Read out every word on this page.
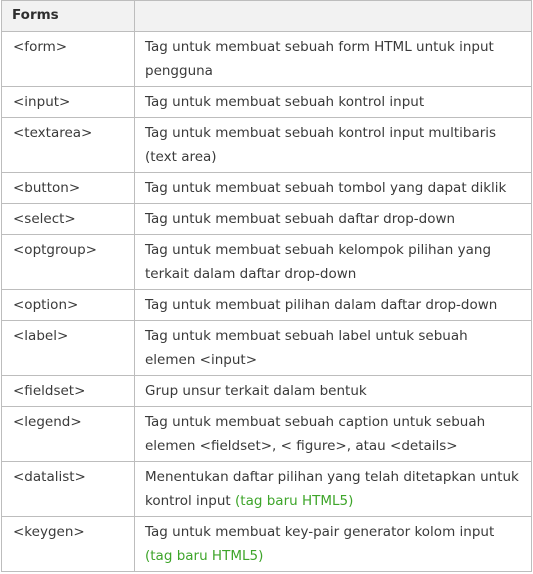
Forms	
<form>	Tag untuk membuat sebuah form HTML untuk input pengguna
<input>	Tag untuk membuat sebuah kontrol input
<textarea>	Tag untuk membuat sebuah kontrol input multibaris (text area)
<button>	Tag untuk membuat sebuah tombol yang dapat diklik
<select>	Tag untuk membuat sebuah daftar drop-down
<optgroup>	Tag untuk membuat sebuah kelompok pilihan yang terkait dalam daftar drop-down
<option>	Tag untuk membuat pilihan dalam daftar drop-down
<label>	Tag untuk membuat sebuah label untuk sebuah elemen <input>
<fieldset>	Grup unsur terkait dalam bentuk
<legend>	Tag untuk membuat sebuah caption untuk sebuah elemen <fieldset>, < figure>, atau <details>
<datalist>	Menentukan daftar pilihan yang telah ditetapkan untuk kontrol input (tag baru HTML5)
<keygen>	Tag untuk membuat key-pair generator kolom input (tag baru HTML5)
